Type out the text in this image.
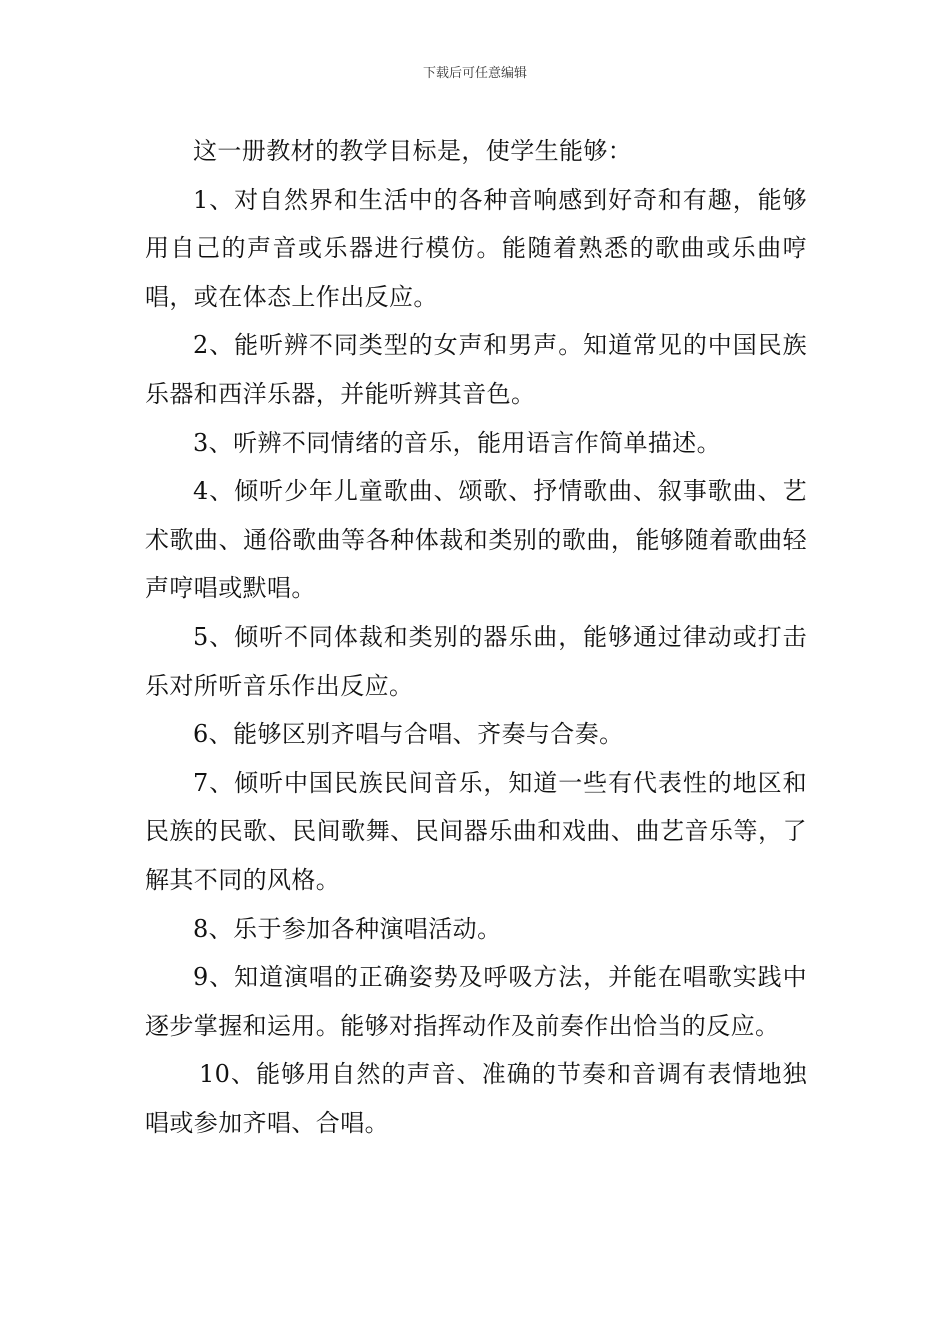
下载后可任意编辑

这一册教材的教学目标是，使学生能够：

1、对自然界和生活中的各种音响感到好奇和有趣，能够用自己的声音或乐器进行模仿。能随着熟悉的歌曲或乐曲哼唱，或在体态上作出反应。

2、能听辨不同类型的女声和男声。知道常见的中国民族乐器和西洋乐器，并能听辨其音色。

3、听辨不同情绪的音乐，能用语言作简单描述。

4、倾听少年儿童歌曲、颂歌、抒情歌曲、叙事歌曲、艺术歌曲、通俗歌曲等各种体裁和类别的歌曲，能够随着歌曲轻声哼唱或默唱。

5、倾听不同体裁和类别的器乐曲，能够通过律动或打击乐对所听音乐作出反应。

6、能够区别齐唱与合唱、齐奏与合奏。

7、倾听中国民族民间音乐，知道一些有代表性的地区和民族的民歌、民间歌舞、民间器乐曲和戏曲、曲艺音乐等，了解其不同的风格。

8、乐于参加各种演唱活动。

9、知道演唱的正确姿势及呼吸方法，并能在唱歌实践中逐步掌握和运用。能够对指挥动作及前奏作出恰当的反应。

10、能够用自然的声音、准确的节奏和音调有表情地独唱或参加齐唱、合唱。
